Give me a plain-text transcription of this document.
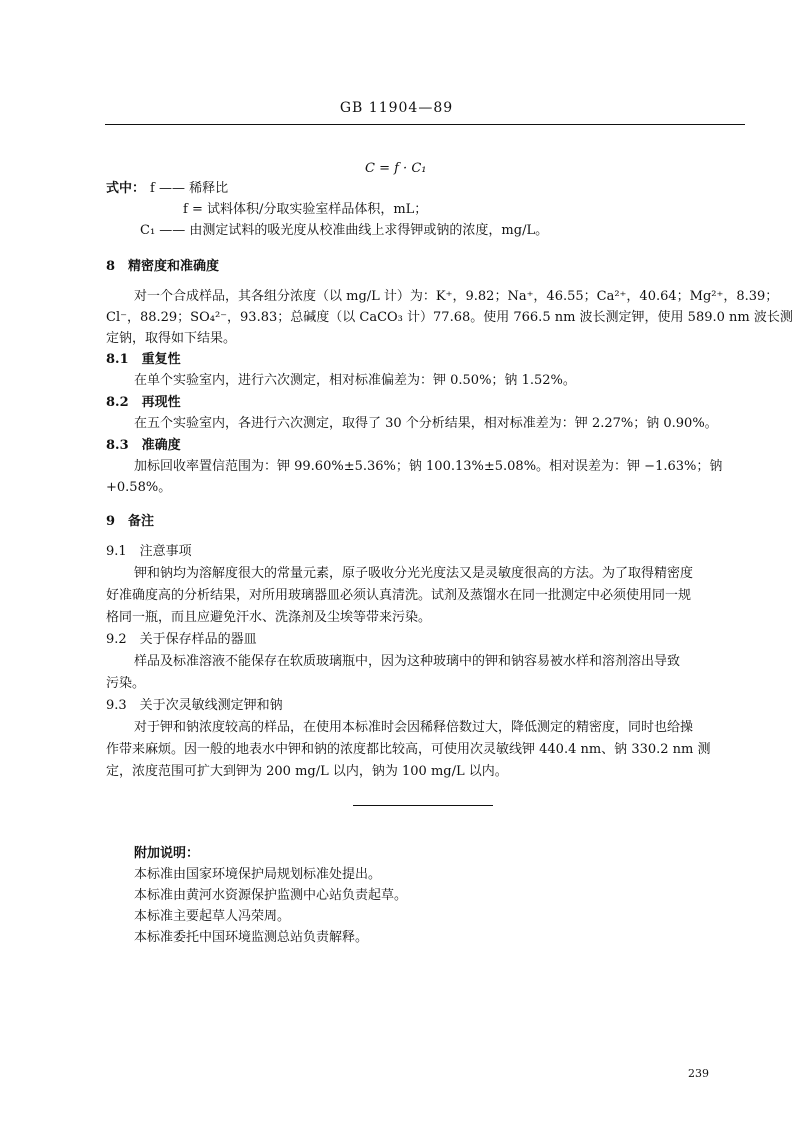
GB 11904—89
C = f · C₁
式中： f —— 稀释比
f = 试料体积/分取实验室样品体积，mL；
C₁ —— 由测定试料的吸光度从校准曲线上求得钾或钠的浓度，mg/L。
8　精密度和准确度
对一个合成样品，其各组分浓度（以 mg/L 计）为：K⁺，9.82；Na⁺，46.55；Ca²⁺，40.64；Mg²⁺，8.39；
Cl⁻，88.29；SO₄²⁻，93.83；总碱度（以 CaCO₃ 计）77.68。使用 766.5 nm 波长测定钾，使用 589.0 nm 波长测
定钠，取得如下结果。
8.1　重复性
在单个实验室内，进行六次测定，相对标准偏差为：钾 0.50%；钠 1.52%。
8.2　再现性
在五个实验室内，各进行六次测定，取得了 30 个分析结果，相对标准差为：钾 2.27%；钠 0.90%。
8.3　准确度
加标回收率置信范围为：钾 99.60%±5.36%；钠 100.13%±5.08%。相对误差为：钾 −1.63%；钠
+0.58%。
9　备注
9.1　注意事项
钾和钠均为溶解度很大的常量元素，原子吸收分光光度法又是灵敏度很高的方法。为了取得精密度
好准确度高的分析结果，对所用玻璃器皿必须认真清洗。试剂及蒸馏水在同一批测定中必须使用同一规
格同一瓶，而且应避免汗水、洗涤剂及尘埃等带来污染。
9.2　关于保存样品的器皿
样品及标准溶液不能保存在软质玻璃瓶中，因为这种玻璃中的钾和钠容易被水样和溶剂溶出导致
污染。
9.3　关于次灵敏线测定钾和钠
对于钾和钠浓度较高的样品，在使用本标准时会因稀释倍数过大，降低测定的精密度，同时也给操
作带来麻烦。因一般的地表水中钾和钠的浓度都比较高，可使用次灵敏线钾 440.4 nm、钠 330.2 nm 测
定，浓度范围可扩大到钾为 200 mg/L 以内，钠为 100 mg/L 以内。
附加说明：
本标准由国家环境保护局规划标准处提出。
本标准由黄河水资源保护监测中心站负责起草。
本标准主要起草人冯荣周。
本标准委托中国环境监测总站负责解释。
239
